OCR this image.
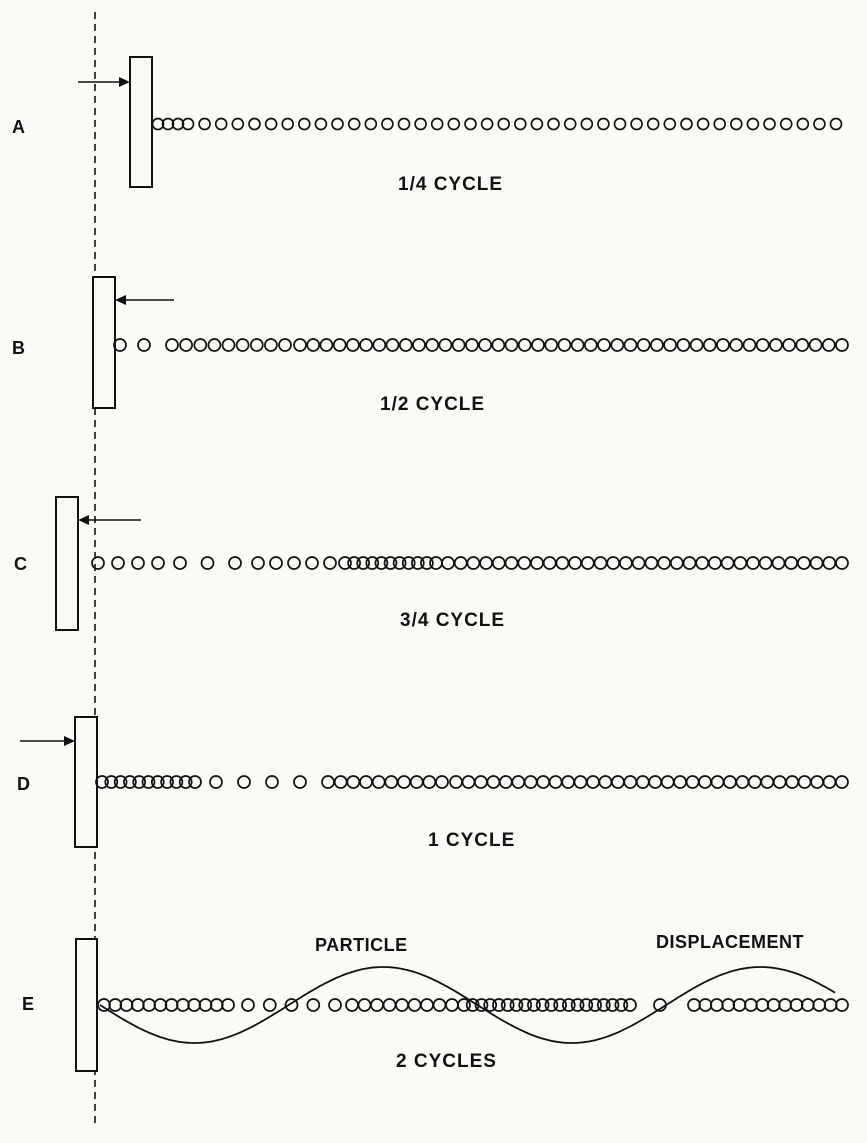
A
B
C
D
E
1/4 CYCLE
1/2 CYCLE
3/4 CYCLE
1 CYCLE
2 CYCLES
PARTICLE	DISPLACEMENT
